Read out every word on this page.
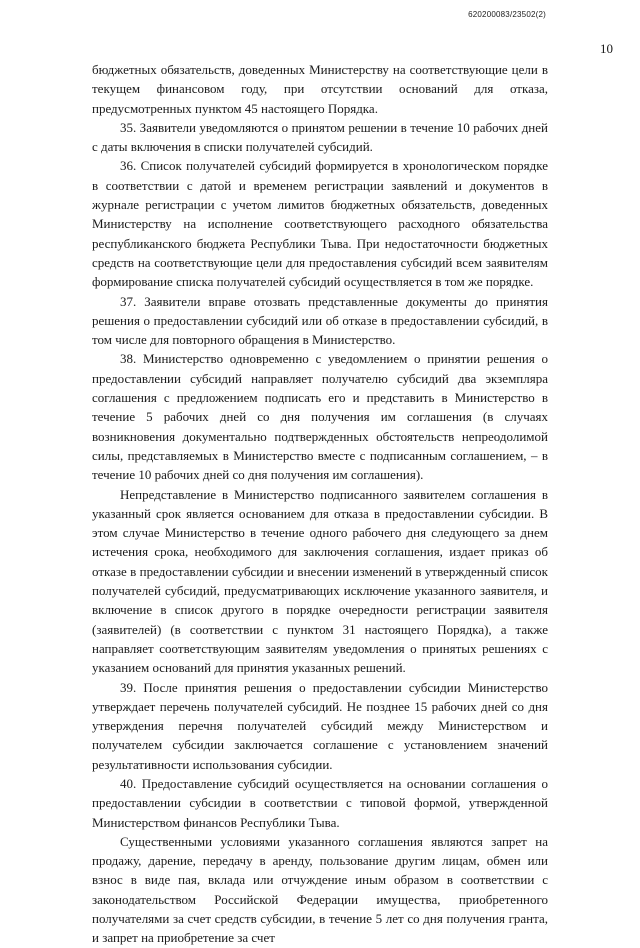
620200083/23502(2)
10

бюджетных обязательств, доведенных Министерству на соответствующие цели в текущем финансовом году, при отсутствии оснований для отказа, предусмотренных пунктом 45 настоящего Порядка.

35. Заявители уведомляются о принятом решении в течение 10 рабочих дней с даты включения в списки получателей субсидий.

36. Список получателей субсидий формируется в хронологическом порядке в соответствии с датой и временем регистрации заявлений и документов в журнале регистрации с учетом лимитов бюджетных обязательств, доведенных Министерству на исполнение соответствующего расходного обязательства республиканского бюджета Республики Тыва. При недостаточности бюджетных средств на соответствующие цели для предоставления субсидий всем заявителям формирование списка получателей субсидий осуществляется в том же порядке.

37. Заявители вправе отозвать представленные документы до принятия решения о предоставлении субсидий или об отказе в предоставлении субсидий, в том числе для повторного обращения в Министерство.

38. Министерство одновременно с уведомлением о принятии решения о предоставлении субсидий направляет получателю субсидий два экземпляра соглашения с предложением подписать его и представить в Министерство в течение 5 рабочих дней со дня получения им соглашения (в случаях возникновения документально подтвержденных обстоятельств непреодолимой силы, представляемых в Министерство вместе с подписанным соглашением, – в течение 10 рабочих дней со дня получения им соглашения).

Непредставление в Министерство подписанного заявителем соглашения в указанный срок является основанием для отказа в предоставлении субсидии. В этом случае Министерство в течение одного рабочего дня следующего за днем истечения срока, необходимого для заключения соглашения, издает приказ об отказе в предоставлении субсидии и внесении изменений в утвержденный список получателей субсидий, предусматривающих исключение указанного заявителя, и включение в список другого в порядке очередности регистрации заявителя (заявителей) (в соответствии с пунктом 31 настоящего Порядка), а также направляет соответствующим заявителям уведомления о принятых решениях с указанием оснований для принятия указанных решений.

39. После принятия решения о предоставлении субсидии Министерство утверждает перечень получателей субсидий. Не позднее 15 рабочих дней со дня утверждения перечня получателей субсидий между Министерством и получателем субсидии заключается соглашение с установлением значений результативности использования субсидии.

40. Предоставление субсидий осуществляется на основании соглашения о предоставлении субсидии в соответствии с типовой формой, утвержденной Министерством финансов Республики Тыва.

Существенными условиями указанного соглашения являются запрет на продажу, дарение, передачу в аренду, пользование другим лицам, обмен или взнос в виде пая, вклада или отчуждение иным образом в соответствии с законодательством Российской Федерации имущества, приобретенного получателями за счет средств субсидии, в течение 5 лет со дня получения гранта, и запрет на приобретение за счет
